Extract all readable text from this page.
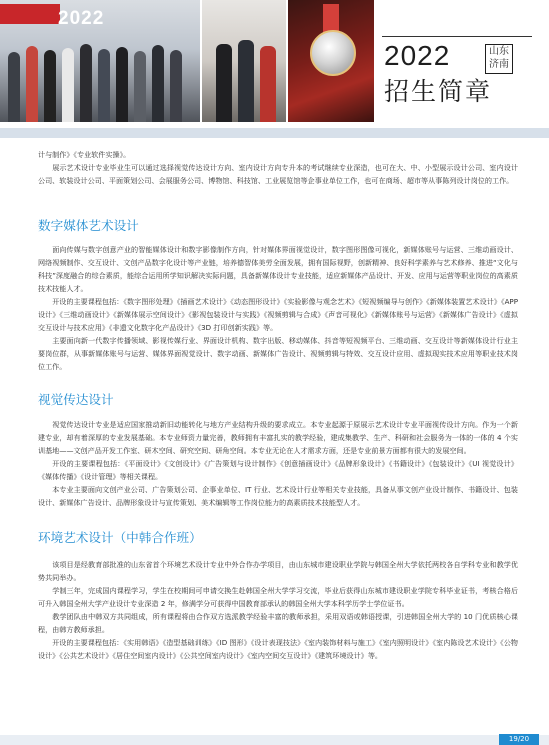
2022
2022	山东济南
招生简章

计与制作》《专业软件实操》。

展示艺术设计专业毕业生可以通过选择视觉传达设计方向、室内设计方向专升本的考试继续专业深造，也可在大、中、小型展示设计公司、室内设计公司、软装设计公司、平面策划公司、会展服务公司、博物馆、科技馆、工业展览馆等企事业单位工作，也可在商场、超市等从事陈列设计岗位的工作。

数字媒体艺术设计

面向传媒与数字创意产业的智能媒体设计和数字影像制作方向，针对媒体界面视觉设计，数字图形图像可视化，新媒体账号与运营、三维动画设计、网络视频制作、交互设计、文创产品数字化设计等产业链，培养德智体美劳全面发展，拥有国际视野，创新精神、良好科学素养与艺术修养、推进“文化与科技”深度融合的综合素质，能综合运用所学知识解决实际问题，具备新媒体设计专业技能，适应新媒体产品设计、开发、应用与运营等职业岗位的高素质技术技能人才。

开设的主要课程包括：《数字图形处理》《插画艺术设计》《动态图形设计》《实验影像与观念艺术》《短视频编导与创作》《新媒体装置艺术设计》《APP 设计》《三维动画设计》《新媒体展示空间设计》《影视包装设计与实践》《视频剪辑与合成》《声音可视化》《新媒体账号与运营》《新媒体广告设计》《虚拟交互设计与技术应用》《非遗文化数字化产品设计》《3D 打印创新实践》等。

主要面向新一代数字传播领域、影视传媒行业、界面设计机构、数字出版、移动媒体、抖音等短视频平台、三维动画、交互设计等新媒体设计行业主要岗位群，从事新媒体账号与运营、媒体界面视觉设计、数字动画、新媒体广告设计、视频剪辑与特效、交互设计应用、虚拟现实技术应用等职业技术岗位工作。

视觉传达设计

视觉传达设计专业是适应国家推动新旧动能转化与地方产业结构升级的要求成立。本专业起源于原展示艺术设计专业平面视传设计方向。作为一个新建专业，却有着深厚的专业发展基础。本专业师资力量完善，教师拥有丰富扎实的教学经验，建成集教学、生产、科研和社会服务为一体的一体的 4 个实训基地——文创产品开发工作室、研木空间、研究空间、研角空间。本专业无论在人才需求方面，还是专业前景方面都有很大的发展空间。

开设的主要课程包括：《平面设计》《文创设计》《广告策划与设计制作》《创意插画设计》《品牌形象设计》《书籍设计》《包装设计》《UI 视觉设计》《媒体传播》《设计管理》等相关课程。

本专业主要面向文创产业公司、广告策划公司、企事业单位、IT 行业、艺术设计行业等相关专业技能，具备从事文创产业设计制作、书籍设计、包装设计、新媒体广告设计、品牌形象设计与宣传策划、美术编辑等工作岗位能力的高素质技术技能型人才。

环境艺术设计（中韩合作班）

该项目是经教育部批准的山东省首个环境艺术设计专业中外合作办学项目，由山东城市建设职业学院与韩国全州大学依托两校各自学科专业和教学优势共同举办。

学制三年，完成国内课程学习，学生在校期间可申请交换生赴韩国全州大学学习交流，毕业后获得山东城市建设职业学院专科毕业证书，考核合格后可升入韩国全州大学产业设计专业深造 2 年，修满学分可获得中国教育部承认的韩国全州大学本科学历学士学位证书。

教学团队由中韩双方共同组成，所有课程将由合作双方选派教学经验丰富的教师承担，采用双语或韩语授课，引进韩国全州大学的 10 门优质核心课程，由韩方教师承担。

开设的主要课程包括：《实用韩语》《造型基础训练》《ID 图形》《设计表现技法》《室内装饰材料与施工》《室内照明设计》《室内陈设艺术设计》《公物设计》《公共艺术设计》《居住空间室内设计》《公共空间室内设计》《室内空间交互设计》《建筑环境设计》等。

19/20
